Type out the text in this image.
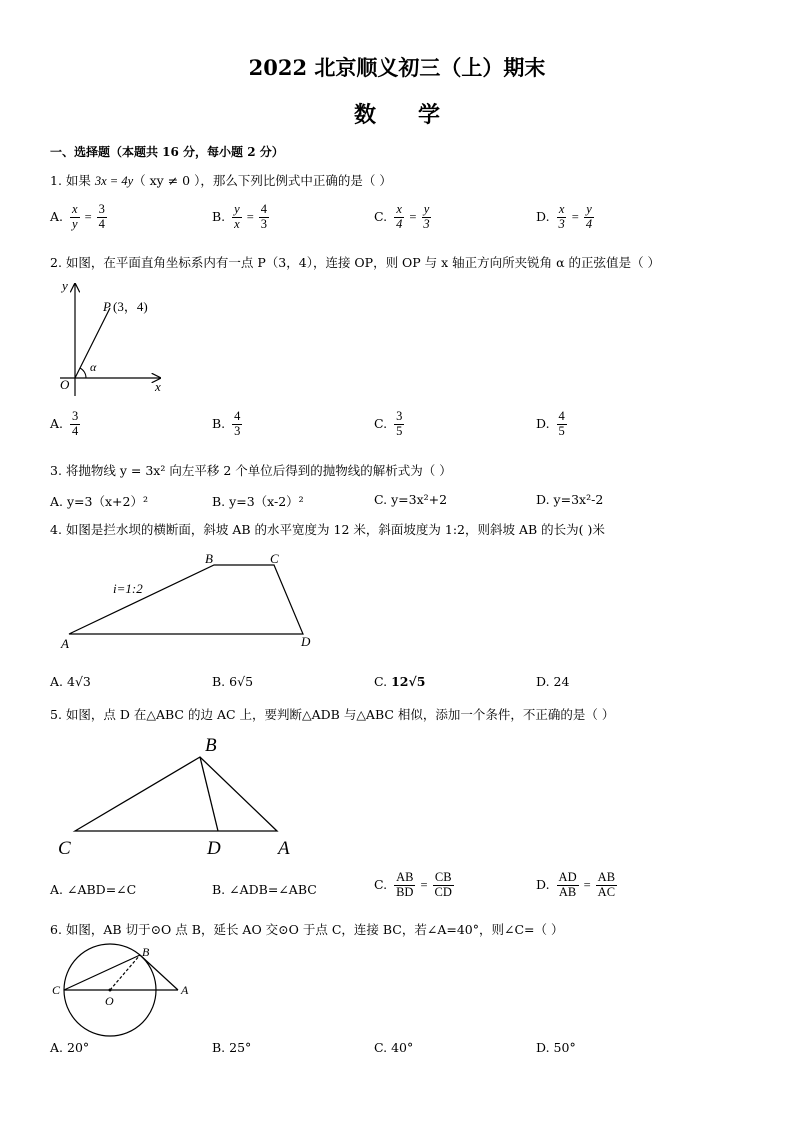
2022 北京顺义初三（上）期末
数学
一、选择题（本题共 16 分，每小题 2 分）
1. 如果 3x = 4y（ xy ≠ 0 ），那么下列比例式中正确的是（ ）
A. $\frac{x}{y} = \frac{3}{4}$	B. $\frac{y}{x} = \frac{4}{3}$	C. $\frac{x}{4} = \frac{y}{3}$	D. $\frac{x}{3} = \frac{y}{4}$
2. 如图，在平面直角坐标系内有一点 P（3，4），连接 OP，则 OP 与 x 轴正方向所夹锐角 α 的正弦值是（ ）
y
x
O
P (3，4)
α
A. $\frac{3}{4}$	B. $\frac{4}{3}$	C. $\frac{3}{5}$	D. $\frac{4}{5}$
3. 将抛物线 y = 3x² 向左平移 2 个单位后得到的抛物线的解析式为（ ）
A. y=3（x+2）²	B. y=3（x-2）²	C. y=3x²+2	D. y=3x²-2
4. 如图是拦水坝的横断面，斜坡 AB 的水平宽度为 12 米，斜面坡度为 1:2，则斜坡 AB 的长为( )米
B	C
A	D
i=1:2
A. 4√3	B. 6√5	C. 12√5	D. 24
5. 如图，点 D 在△ABC 的边 AC 上，要判断△ADB 与△ABC 相似，添加一个条件，不正确的是（ ）
B
C	D	A
A. ∠ABD=∠C	B. ∠ADB=∠ABC	C. $\frac{AB}{BD} = \frac{CB}{CD}$	D. $\frac{AD}{AB} = \frac{AB}{AC}$
6. 如图，AB 切于⊙O 点 B，延长 AO 交⊙O 于点 C，连接 BC，若∠A=40°，则∠C=（ ）
B
C
O
A
A. 20°	B. 25°	C. 40°	D. 50°
